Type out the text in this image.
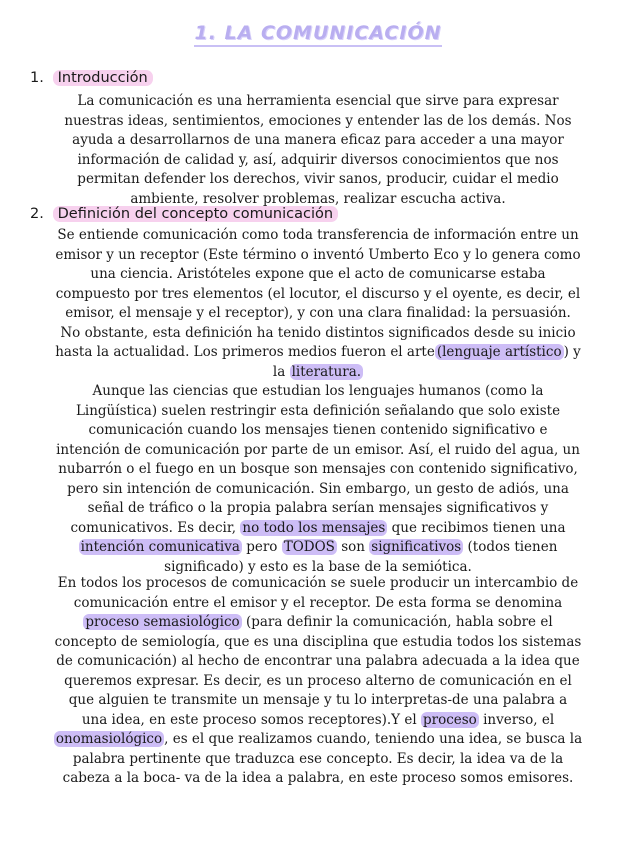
1. LA COMUNICACIÓN
1. Introducción

La comunicación es una herramienta esencial que sirve para expresar
nuestras ideas, sentimientos, emociones y entender las de los demás. Nos
ayuda a desarrollarnos de una manera eficaz para acceder a una mayor
información de calidad y, así, adquirir diversos conocimientos que nos
permitan defender los derechos, vivir sanos, producir, cuidar el medio
ambiente, resolver problemas, realizar escucha activa.

2. Definición del concepto comunicación

Se entiende comunicación como toda transferencia de información entre un
emisor y un receptor (Este término o inventó Umberto Eco y lo genera como
una ciencia. Aristóteles expone que el acto de comunicarse estaba
compuesto por tres elementos (el locutor, el discurso y el oyente, es decir, el
emisor, el mensaje y el receptor), y con una clara finalidad: la persuasión.
No obstante, esta definición ha tenido distintos significados desde su inicio
hasta la actualidad. Los primeros medios fueron el arte (lenguaje artístico ) y
la literatura.

Aunque las ciencias que estudian los lenguajes humanos (como la
Lingüística) suelen restringir esta definición señalando que solo existe
comunicación cuando los mensajes tienen contenido significativo e
intención de comunicación por parte de un emisor. Así, el ruido del agua, un
nubarrón o el fuego en un bosque son mensajes con contenido significativo,
pero sin intención de comunicación. Sin embargo, un gesto de adiós, una
señal de tráfico o la propia palabra serían mensajes significativos y
comunicativos. Es decir, no todo los mensajes que recibimos tienen una
intención comunicativa pero TODOS son significativos (todos tienen
significado) y esto es la base de la semiótica.

En todos los procesos de comunicación se suele producir un intercambio de
comunicación entre el emisor y el receptor. De esta forma se denomina
proceso semasiológico (para definir la comunicación, habla sobre el
concepto de semiología, que es una disciplina que estudia todos los sistemas
de comunicación) al hecho de encontrar una palabra adecuada a la idea que
queremos expresar. Es decir, es un proceso alterno de comunicación en el
que alguien te transmite un mensaje y tu lo interpretas-de una palabra a
una idea, en este proceso somos receptores).Y el proceso inverso, el
onomasiológico , es el que realizamos cuando, teniendo una idea, se busca la
palabra pertinente que traduzca ese concepto. Es decir, la idea va de la
cabeza a la boca- va de la idea a palabra, en este proceso somos emisores.
